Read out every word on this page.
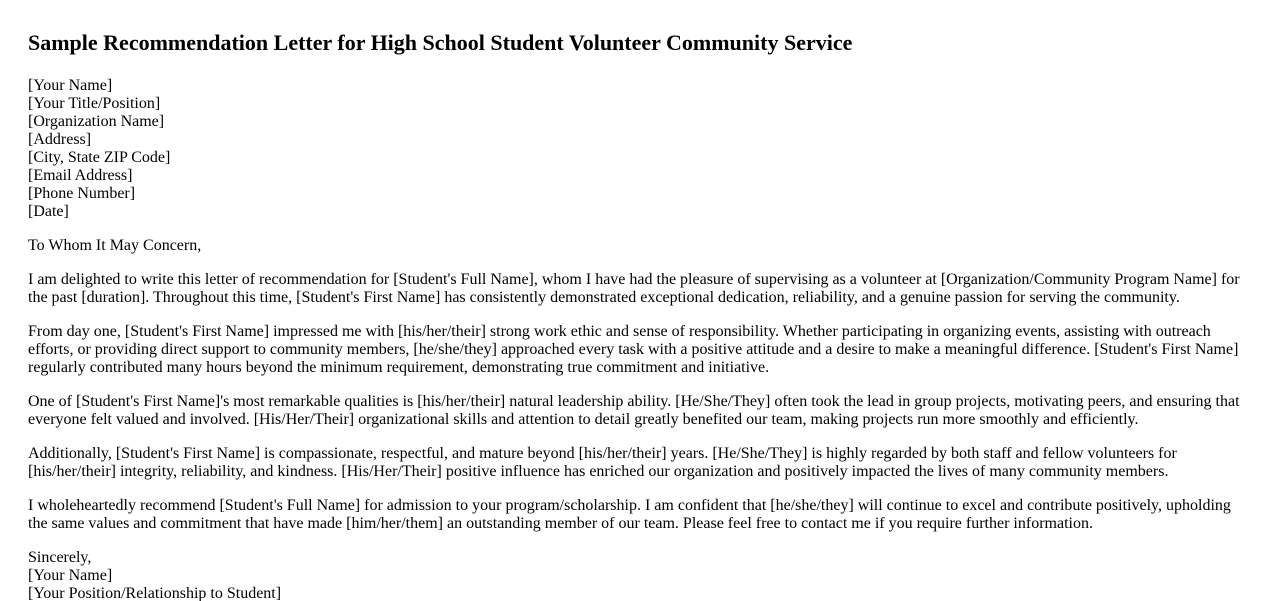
Sample Recommendation Letter for High School Student Volunteer Community Service
[Your Name]
[Your Title/Position]
[Organization Name]
[Address]
[City, State ZIP Code]
[Email Address]
[Phone Number]
[Date]

To Whom It May Concern,

I am delighted to write this letter of recommendation for [Student's Full Name], whom I have had the pleasure of supervising as a volunteer at [Organization/Community Program Name] for the past [duration]. Throughout this time, [Student's First Name] has consistently demonstrated exceptional dedication, reliability, and a genuine passion for serving the community.

From day one, [Student's First Name] impressed me with [his/her/their] strong work ethic and sense of responsibility. Whether participating in organizing events, assisting with outreach efforts, or providing direct support to community members, [he/she/they] approached every task with a positive attitude and a desire to make a meaningful difference. [Student's First Name] regularly contributed many hours beyond the minimum requirement, demonstrating true commitment and initiative.

One of [Student's First Name]'s most remarkable qualities is [his/her/their] natural leadership ability. [He/She/They] often took the lead in group projects, motivating peers, and ensuring that everyone felt valued and involved. [His/Her/Their] organizational skills and attention to detail greatly benefited our team, making projects run more smoothly and efficiently.

Additionally, [Student's First Name] is compassionate, respectful, and mature beyond [his/her/their] years. [He/She/They] is highly regarded by both staff and fellow volunteers for [his/her/their] integrity, reliability, and kindness. [His/Her/Their] positive influence has enriched our organization and positively impacted the lives of many community members.

I wholeheartedly recommend [Student's Full Name] for admission to your program/scholarship. I am confident that [he/she/they] will continue to excel and contribute positively, upholding the same values and commitment that have made [him/her/them] an outstanding member of our team. Please feel free to contact me if you require further information.

Sincerely,
[Your Name]
[Your Position/Relationship to Student]
